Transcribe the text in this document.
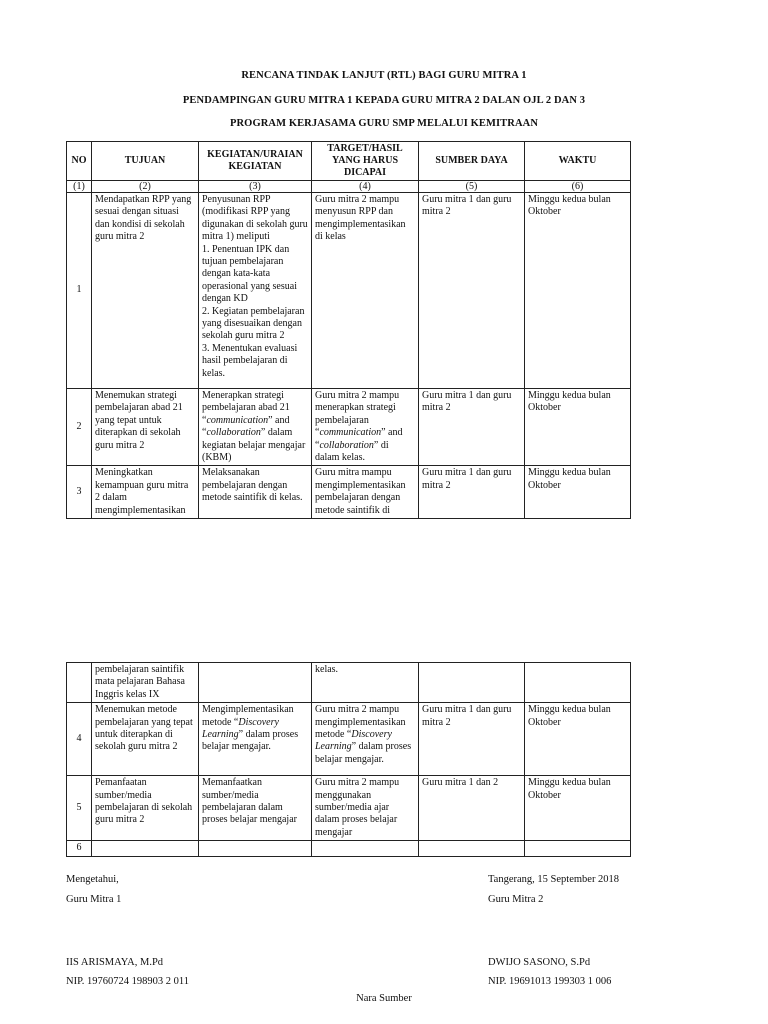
RENCANA TINDAK LANJUT (RTL) BAGI GURU MITRA 1
PENDAMPINGAN GURU MITRA 1 KEPADA GURU MITRA 2 DALAN OJL 2 DAN 3
PROGRAM KERJASAMA GURU SMP MELALUI KEMITRAAN
NO	TUJUAN	KEGIATAN/URAIAN KEGIATAN	TARGET/HASIL YANG HARUS DICAPAI	SUMBER DAYA	WAKTU
(1)	(2)	(3)	(4)	(5)	(6)
1	Mendapatkan RPP yang sesuai dengan situasi dan kondisi di sekolah guru mitra 2	Penyusunan RPP (modifikasi RPP yang digunakan di sekolah guru mitra 1) meliputi
1. Penentuan IPK dan tujuan pembelajaran dengan kata-kata operasional yang sesuai dengan KD
2. Kegiatan pembelajaran yang disesuaikan dengan sekolah guru mitra 2
3. Menentukan evaluasi hasil pembelajaran di kelas.	Guru mitra 2 mampu menyusun RPP dan mengimplementasikan di kelas	Guru mitra 1 dan guru mitra 2	Minggu kedua bulan Oktober
2	Menemukan strategi pembelajaran abad 21 yang tepat untuk diterapkan di sekolah guru mitra 2	Menerapkan strategi pembelajaran abad 21 “communication” and “collaboration” dalam kegiatan belajar mengajar (KBM)	Guru mitra 2 mampu menerapkan strategi pembelajaran “communication” and “collaboration” di dalam kelas.	Guru mitra 1 dan guru mitra 2	Minggu kedua bulan Oktober
3	Meningkatkan kemampuan guru mitra 2 dalam mengimplementasikan	Melaksanakan pembelajaran dengan metode saintifik di kelas.	Guru mitra mampu mengimplementasikan pembelajaran dengan metode saintifik di	Guru mitra 1 dan guru mitra 2	Minggu kedua bulan Oktober
	pembelajaran saintifik mata pelajaran Bahasa Inggris kelas IX		kelas.		
4	Menemukan metode pembelajaran yang tepat untuk diterapkan di sekolah guru mitra 2	Mengimplementasikan metode “Discovery Learning” dalam proses belajar mengajar.	Guru mitra 2 mampu mengimplementasikan metode “Discovery Learning” dalam proses belajar mengajar.	Guru mitra 1 dan guru mitra 2	Minggu kedua bulan Oktober
5	Pemanfaatan sumber/media pembelajaran di sekolah guru mitra 2	Memanfaatkan sumber/media pembelajaran dalam proses belajar mengajar	Guru mitra 2 mampu menggunakan sumber/media ajar dalam proses belajar mengajar	Guru mitra 1 dan 2	Minggu kedua bulan Oktober
6					
Mengetahui,
Guru Mitra 1
IIS ARISMAYA, M.Pd
NIP. 19760724 198903 2 011
Tangerang, 15 September 2018
Guru Mitra 2
DWIJO SASONO, S.Pd
NIP. 19691013 199303 1 006
Nara Sumber
